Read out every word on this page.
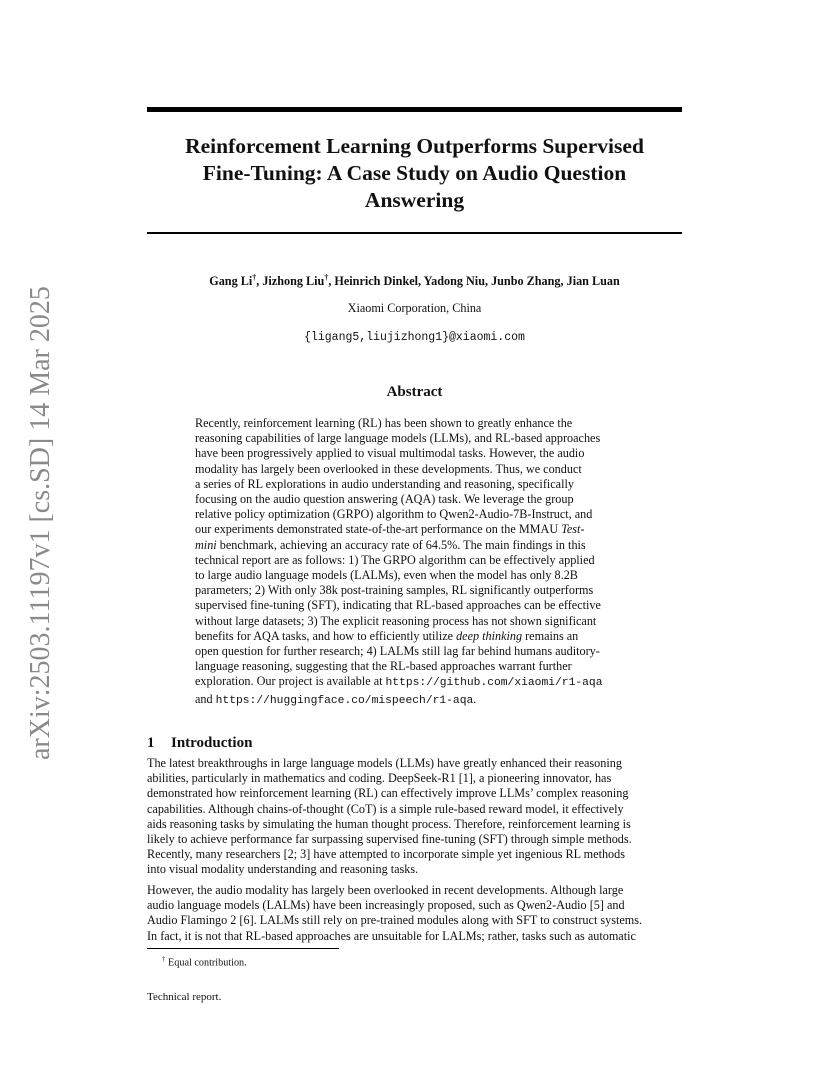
arXiv:2503.11197v1 [cs.SD] 14 Mar 2025
Reinforcement Learning Outperforms Supervised
Fine-Tuning: A Case Study on Audio Question
Answering
Gang Li†, Jizhong Liu†, Heinrich Dinkel, Yadong Niu, Junbo Zhang, Jian Luan
Xiaomi Corporation, China
{ligang5,liujizhong1}@xiaomi.com
Abstract
Recently, reinforcement learning (RL) has been shown to greatly enhance the
reasoning capabilities of large language models (LLMs), and RL-based approaches
have been progressively applied to visual multimodal tasks. However, the audio
modality has largely been overlooked in these developments. Thus, we conduct
a series of RL explorations in audio understanding and reasoning, specifically
focusing on the audio question answering (AQA) task. We leverage the group
relative policy optimization (GRPO) algorithm to Qwen2-Audio-7B-Instruct, and
our experiments demonstrated state-of-the-art performance on the MMAU Test-
mini benchmark, achieving an accuracy rate of 64.5%. The main findings in this
technical report are as follows: 1) The GRPO algorithm can be effectively applied
to large audio language models (LALMs), even when the model has only 8.2B
parameters; 2) With only 38k post-training samples, RL significantly outperforms
supervised fine-tuning (SFT), indicating that RL-based approaches can be effective
without large datasets; 3) The explicit reasoning process has not shown significant
benefits for AQA tasks, and how to efficiently utilize deep thinking remains an
open question for further research; 4) LALMs still lag far behind humans auditory-
language reasoning, suggesting that the RL-based approaches warrant further
exploration. Our project is available at https://github.com/xiaomi/r1-aqa
and https://huggingface.co/mispeech/r1-aqa.
1 Introduction
The latest breakthroughs in large language models (LLMs) have greatly enhanced their reasoning
abilities, particularly in mathematics and coding. DeepSeek-R1 [1], a pioneering innovator, has
demonstrated how reinforcement learning (RL) can effectively improve LLMs’ complex reasoning
capabilities. Although chains-of-thought (CoT) is a simple rule-based reward model, it effectively
aids reasoning tasks by simulating the human thought process. Therefore, reinforcement learning is
likely to achieve performance far surpassing supervised fine-tuning (SFT) through simple methods.
Recently, many researchers [2; 3] have attempted to incorporate simple yet ingenious RL methods
into visual modality understanding and reasoning tasks.
However, the audio modality has largely been overlooked in recent developments. Although large
audio language models (LALMs) have been increasingly proposed, such as Qwen2-Audio [5] and
Audio Flamingo 2 [6]. LALMs still rely on pre-trained modules along with SFT to construct systems.
In fact, it is not that RL-based approaches are unsuitable for LALMs; rather, tasks such as automatic
† Equal contribution.
Technical report.
